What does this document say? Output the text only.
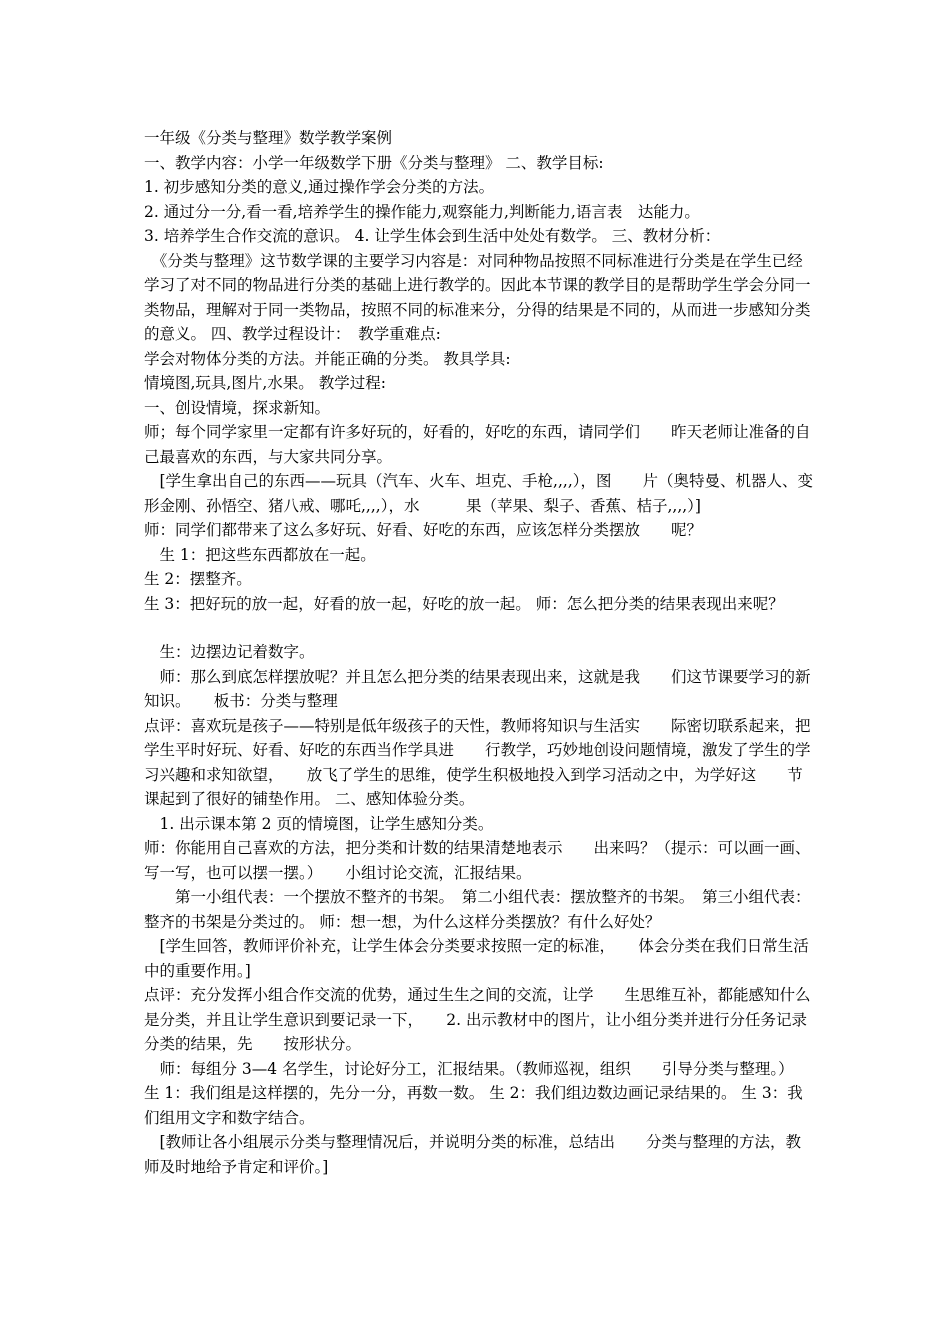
一年级《分类与整理》数学教学案例

一、教学内容：小学一年级数学下册《分类与整理》 二、教学目标:

1. 初步感知分类的意义,通过操作学会分类的方法。

2. 通过分一分,看一看,培养学生的操作能力,观察能力,判断能力,语言表　达能力。

3. 培养学生合作交流的意识。 4. 让学生体会到生活中处处有数学。 三、教材分析：

　《分类与整理》这节数学课的主要学习内容是：对同种物品按照不同标准进行分类是在学生已经学习了对不同的物品进行分类的基础上进行教学的。因此本节课的教学目的是帮助学生学会分同一类物品，理解对于同一类物品，按照不同的标准来分，分得的结果是不同的，从而进一步感知分类的意义。 四、教学过程设计：　教学重难点:

学会对物体分类的方法。并能正确的分类。 教具学具:

情境图,玩具,图片,水果。 教学过程:

一、创设情境，探求新知。

师；每个同学家里一定都有许多好玩的，好看的，好吃的东西，请同学们　　昨天老师让准备的自己最喜欢的东西，与大家共同分享。

　[学生拿出自己的东西——玩具（汽车、火车、坦克、手枪,,,,），图　　片（奥特曼、机器人、变形金刚、孙悟空、猪八戒、哪吒,,,,），水　　　果（苹果、梨子、香蕉、桔子,,,,）]

师：同学们都带来了这么多好玩、好看、好吃的东西，应该怎样分类摆放　　呢？

　生 1：把这些东西都放在一起。

生 2：摆整齐。

生 3：把好玩的放一起，好看的放一起，好吃的放一起。 师：怎么把分类的结果表现出来呢？

　生：边摆边记着数字。

　师：那么到底怎样摆放呢？并且怎么把分类的结果表现出来，这就是我　　们这节课要学习的新知识。　　板书：分类与整理

点评：喜欢玩是孩子——特别是低年级孩子的天性，教师将知识与生活实　　际密切联系起来，把学生平时好玩、好看、好吃的东西当作学具进　　行教学，巧妙地创设问题情境，激发了学生的学习兴趣和求知欲望，　　放飞了学生的思维，使学生积极地投入到学习活动之中，为学好这　　节课起到了很好的铺垫作用。 二、感知体验分类。

　1. 出示课本第 2 页的情境图，让学生感知分类。

师：你能用自己喜欢的方法，把分类和计数的结果清楚地表示　　出来吗？（提示：可以画一画、写一写，也可以摆一摆。）　　小组讨论交流，汇报结果。

　　第一小组代表：一个摆放不整齐的书架。　第二小组代表：摆放整齐的书架。　第三小组代表：整齐的书架是分类过的。 师：想一想，为什么这样分类摆放？有什么好处？

　[学生回答，教师评价补充，让学生体会分类要求按照一定的标准，　　体会分类在我们日常生活中的重要作用。]

点评：充分发挥小组合作交流的优势，通过生生之间的交流，让学　　生思维互补，都能感知什么是分类，并且让学生意识到要记录一下，　　2. 出示教材中的图片，让小组分类并进行分任务记录分类的结果，先　　按形状分。

　师：每组分 3—4 名学生，讨论好分工，汇报结果。（教师巡视，组织　　引导分类与整理。）

生 1：我们组是这样摆的，先分一分，再数一数。 生 2：我们组边数边画记录结果的。 生 3：我们组用文字和数字结合。

　[教师让各小组展示分类与整理情况后，并说明分类的标准，总结出　　分类与整理的方法，教师及时地给予肯定和评价。]
